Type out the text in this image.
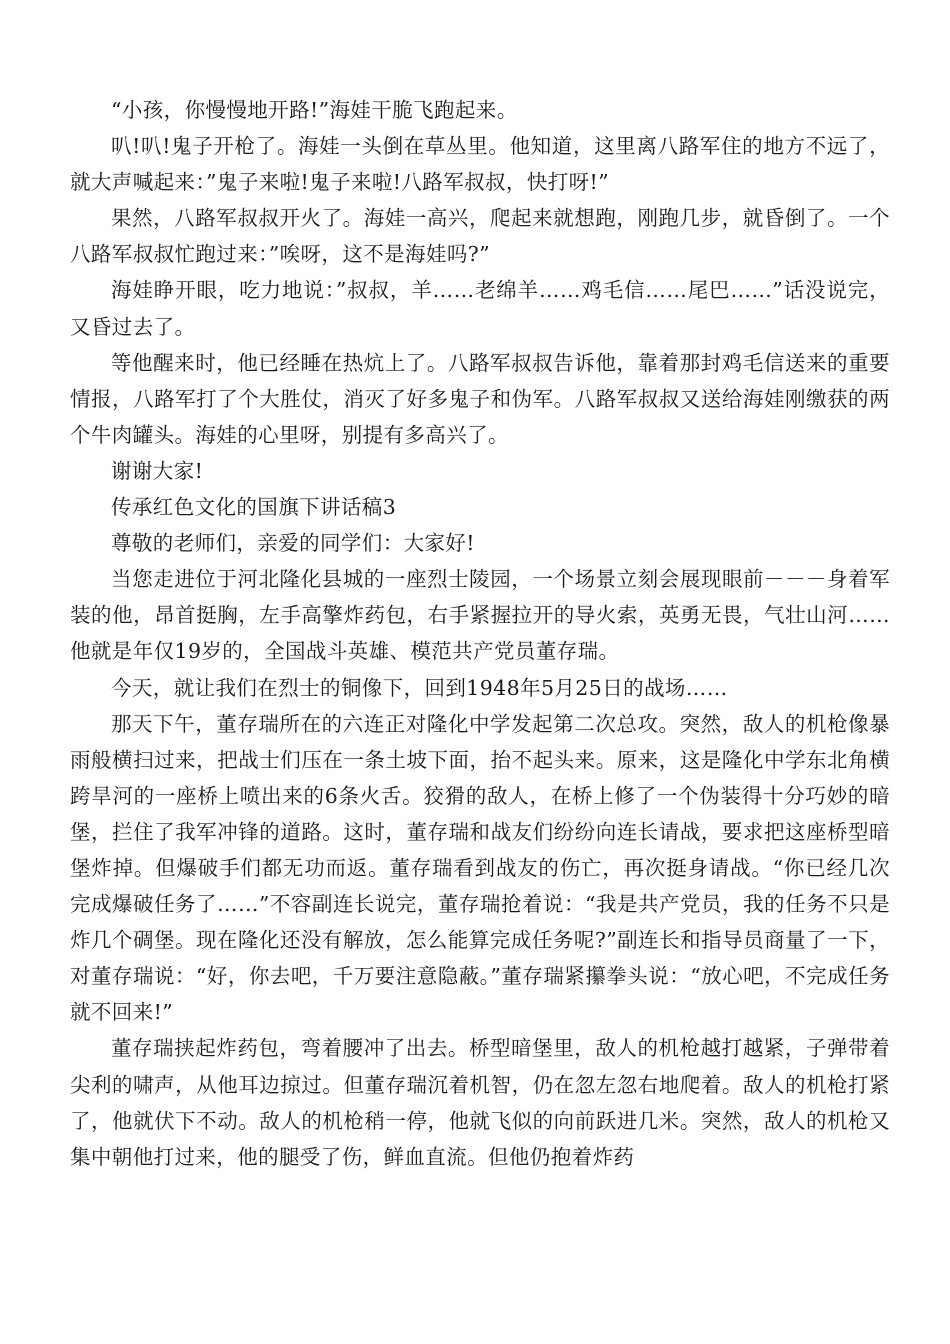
“小孩，你慢慢地开路!”海娃干脆飞跑起来。

叭!叭!鬼子开枪了。海娃一头倒在草丛里。他知道，这里离八路军住的地方不远了，就大声喊起来：”鬼子来啦!鬼子来啦!八路军叔叔，快打呀!”

果然，八路军叔叔开火了。海娃一高兴，爬起来就想跑，刚跑几步，就昏倒了。一个八路军叔叔忙跑过来：”唉呀，这不是海娃吗?”

海娃睁开眼，吃力地说：”叔叔，羊……老绵羊……鸡毛信……尾巴……”话没说完，又昏过去了。

等他醒来时，他已经睡在热炕上了。八路军叔叔告诉他，靠着那封鸡毛信送来的重要情报，八路军打了个大胜仗，消灭了好多鬼子和伪军。八路军叔叔又送给海娃刚缴获的两个牛肉罐头。海娃的心里呀，别提有多高兴了。

谢谢大家!

传承红色文化的国旗下讲话稿3

尊敬的老师们，亲爱的同学们：大家好!

当您走进位于河北隆化县城的一座烈士陵园，一个场景立刻会展现眼前－－－身着军装的他，昂首挺胸，左手高擎炸药包，右手紧握拉开的导火索，英勇无畏，气壮山河……他就是年仅19岁的，全国战斗英雄、模范共产党员董存瑞。

今天，就让我们在烈士的铜像下，回到1948年5月25日的战场……

那天下午，董存瑞所在的六连正对隆化中学发起第二次总攻。突然，敌人的机枪像暴雨般横扫过来，把战士们压在一条土坡下面，抬不起头来。原来，这是隆化中学东北角横跨旱河的一座桥上喷出来的6条火舌。狡猾的敌人，在桥上修了一个伪装得十分巧妙的暗堡，拦住了我军冲锋的道路。这时，董存瑞和战友们纷纷向连长请战，要求把这座桥型暗堡炸掉。但爆破手们都无功而返。董存瑞看到战友的伤亡，再次挺身请战。“你已经几次完成爆破任务了……”不容副连长说完，董存瑞抢着说：“我是共产党员，我的任务不只是炸几个碉堡。现在隆化还没有解放，怎么能算完成任务呢?”副连长和指导员商量了一下，对董存瑞说：“好，你去吧，千万要注意隐蔽。”董存瑞紧攥拳头说：“放心吧，不完成任务就不回来!”

董存瑞挟起炸药包，弯着腰冲了出去。桥型暗堡里，敌人的机枪越打越紧，子弹带着尖利的啸声，从他耳边掠过。但董存瑞沉着机智，仍在忽左忽右地爬着。敌人的机枪打紧了，他就伏下不动。敌人的机枪稍一停，他就飞似的向前跃进几米。突然，敌人的机枪又集中朝他打过来，他的腿受了伤，鲜血直流。但他仍抱着炸药
